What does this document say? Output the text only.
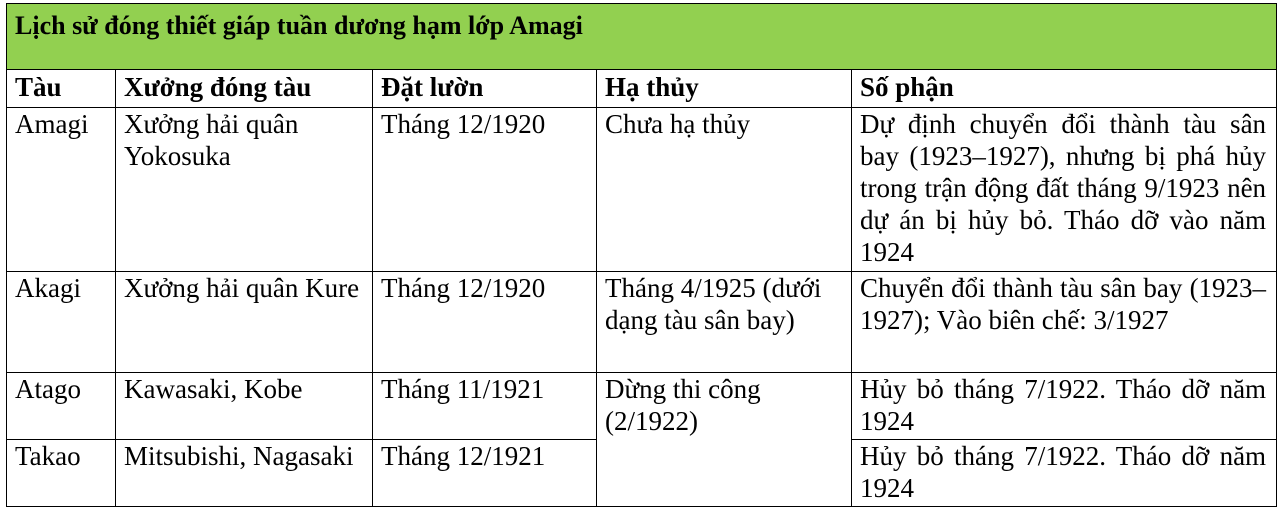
Lịch sử đóng thiết giáp tuần dương hạm lớp Amagi				
Tàu	Xưởng đóng tàu	Đặt lườn	Hạ thủy	Số phận
Amagi	Xưởng hải quân Yokosuka	Tháng 12/1920	Chưa hạ thủy	Dự định chuyển đổi thành tàu sân bay (1923–1927), nhưng bị phá hủy trong trận động đất tháng 9/1923 nên dự án bị hủy bỏ. Tháo dỡ vào năm 1924
Akagi	Xưởng hải quân Kure	Tháng 12/1920	Tháng 4/1925 (dưới dạng tàu sân bay)	Chuyển đổi thành tàu sân bay (1923–1927); Vào biên chế: 3/1927
Atago	Kawasaki, Kobe	Tháng 11/1921	Dừng thi công (2/1922)	Hủy bỏ tháng 7/1922. Tháo dỡ năm 1924
Takao	Mitsubishi, Nagasaki	Tháng 12/1921		Hủy bỏ tháng 7/1922. Tháo dỡ năm 1924
